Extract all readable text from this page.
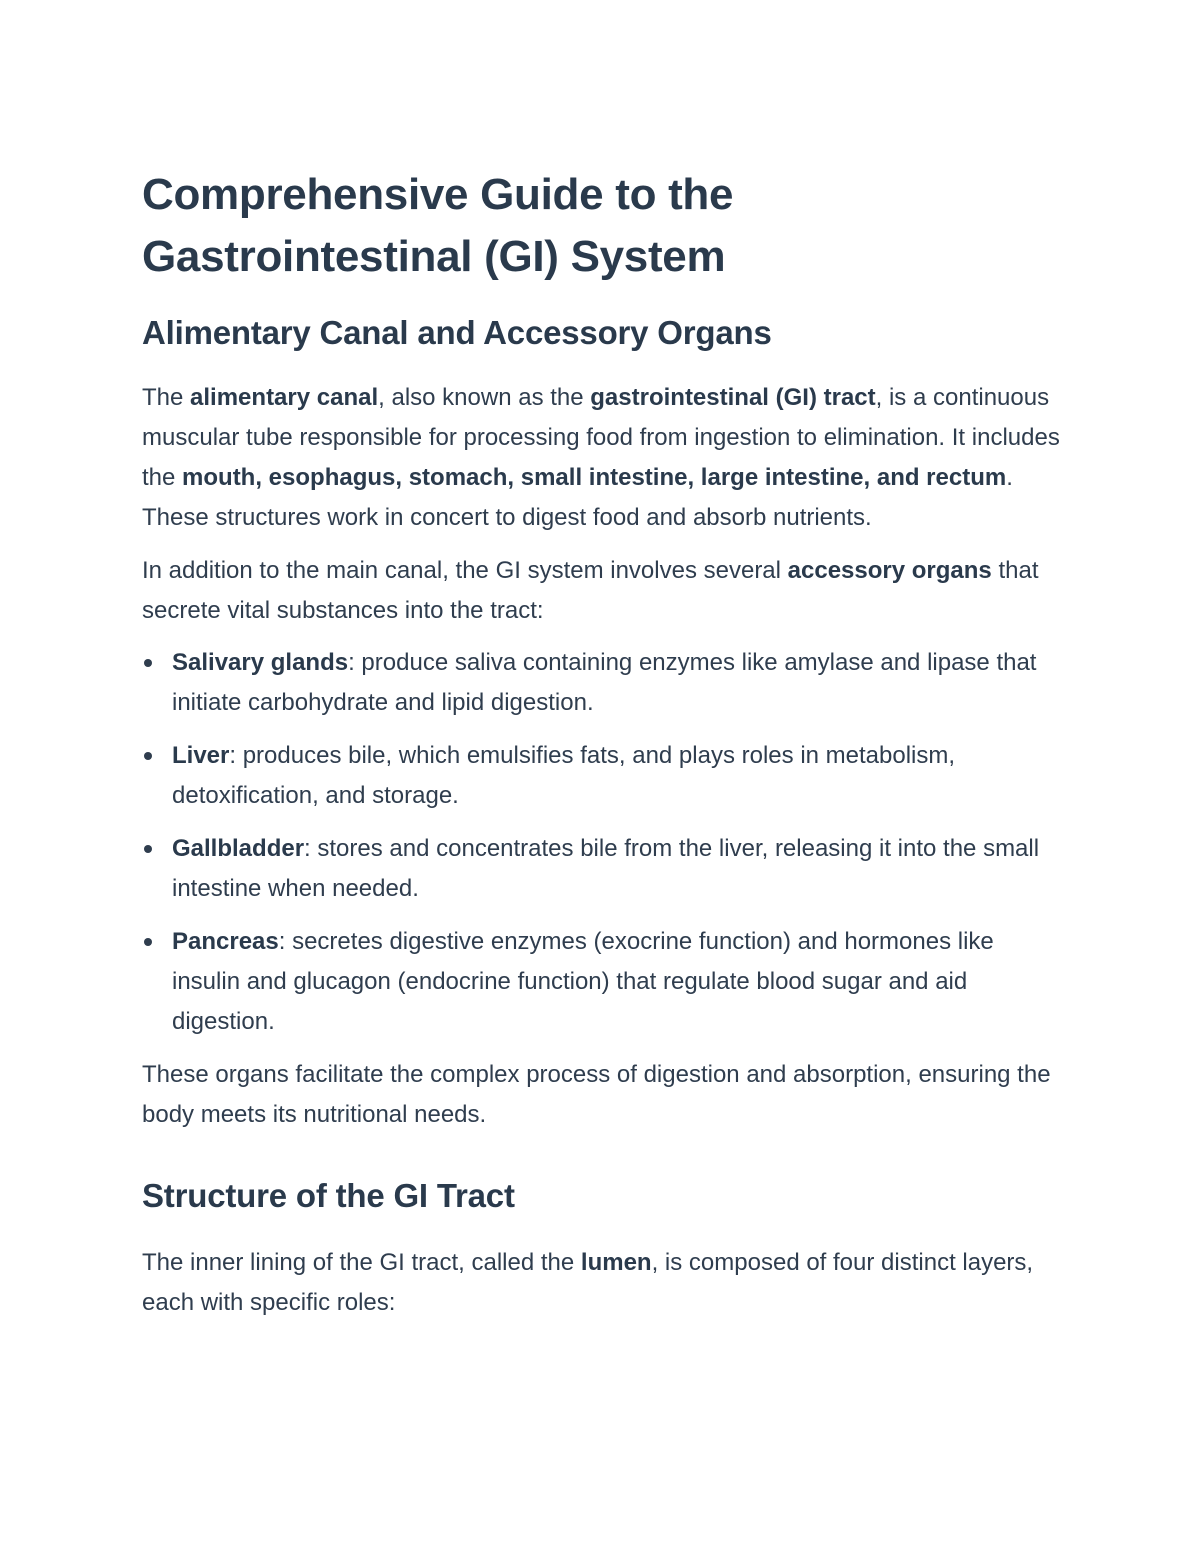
Comprehensive Guide to the
Gastrointestinal (GI) System
Alimentary Canal and Accessory Organs

The alimentary canal, also known as the gastrointestinal (GI) tract, is a continuous muscular tube responsible for processing food from ingestion to elimination. It includes the mouth, esophagus, stomach, small intestine, large intestine, and rectum. These structures work in concert to digest food and absorb nutrients.

In addition to the main canal, the GI system involves several accessory organs that secrete vital substances into the tract:

Salivary glands: produce saliva containing enzymes like amylase and lipase that initiate carbohydrate and lipid digestion.
Liver: produces bile, which emulsifies fats, and plays roles in metabolism, detoxification, and storage.
Gallbladder: stores and concentrates bile from the liver, releasing it into the small intestine when needed.
Pancreas: secretes digestive enzymes (exocrine function) and hormones like insulin and glucagon (endocrine function) that regulate blood sugar and aid digestion.

These organs facilitate the complex process of digestion and absorption, ensuring the body meets its nutritional needs.

Structure of the GI Tract

The inner lining of the GI tract, called the lumen, is composed of four distinct layers, each with specific roles:
